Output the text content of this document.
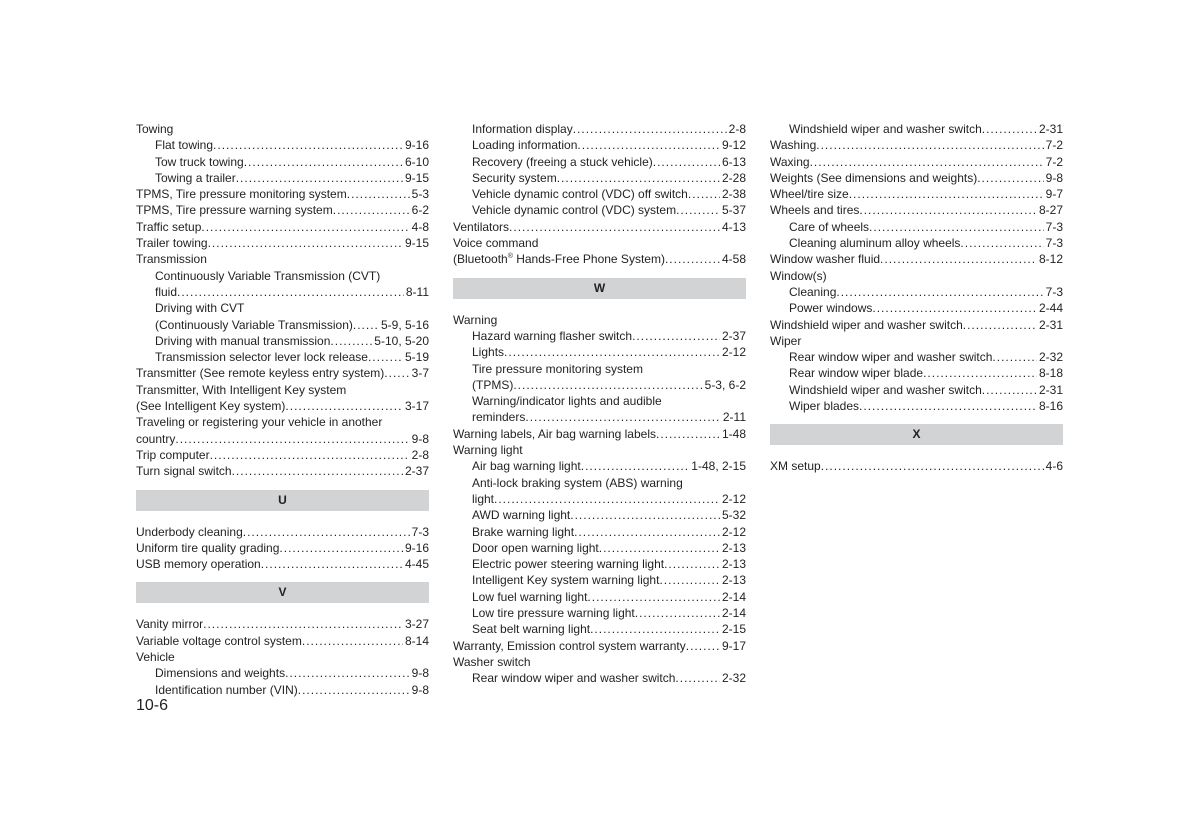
Towing
Flat towing .....	9-16
Tow truck towing .....	6-10
Towing a trailer .....	9-15
TPMS, Tire pressure monitoring system .....	5-3
TPMS, Tire pressure warning system .....	6-2
Traffic setup .....	4-8
Trailer towing .....	9-15
Transmission
Continuously Variable Transmission (CVT)
fluid .....	8-11
Driving with CVT
(Continuously Variable Transmission) ..... 5-9, 5-16
Driving with manual transmission .....	5-10, 5-20
Transmission selector lever lock release .....	5-19
Transmitter (See remote keyless entry system) ..... 3-7
Transmitter, With Intelligent Key system
(See Intelligent Key system) .....	3-17
Traveling or registering your vehicle in another
country .....	9-8
Trip computer .....	2-8
Turn signal switch .....	2-37
U
Underbody cleaning .....	7-3
Uniform tire quality grading .....	9-16
USB memory operation .....	4-45
V
Vanity mirror .....	3-27
Variable voltage control system .....	8-14
Vehicle
Dimensions and weights .....	9-8
Identification number (VIN) .....	9-8
Information display .....	2-8
Loading information .....	9-12
Recovery (freeing a stuck vehicle) .....	6-13
Security system .....	2-28
Vehicle dynamic control (VDC) off switch .....	2-38
Vehicle dynamic control (VDC) system .....	5-37
Ventilators .....	4-13
Voice command
(Bluetooth® Hands-Free Phone System) .....	4-58
W
Warning
Hazard warning flasher switch .....	2-37
Lights .....	2-12
Tire pressure monitoring system
(TPMS) .....	5-3, 6-2
Warning/indicator lights and audible
reminders .....	2-11
Warning labels, Air bag warning labels .....	1-48
Warning light
Air bag warning light .....	1-48, 2-15
Anti-lock braking system (ABS) warning
light .....	2-12
AWD warning light .....	5-32
Brake warning light .....	2-12
Door open warning light .....	2-13
Electric power steering warning light .....	2-13
Intelligent Key system warning light .....	2-13
Low fuel warning light .....	2-14
Low tire pressure warning light .....	2-14
Seat belt warning light .....	2-15
Warranty, Emission control system warranty .....	9-17
Washer switch
Rear window wiper and washer switch .....	2-32
Windshield wiper and washer switch .....	2-31
Washing .....	7-2
Waxing .....	7-2
Weights (See dimensions and weights) .....	9-8
Wheel/tire size .....	9-7
Wheels and tires .....	8-27
Care of wheels .....	7-3
Cleaning aluminum alloy wheels .....	7-3
Window washer fluid .....	8-12
Window(s)
Cleaning .....	7-3
Power windows .....	2-44
Windshield wiper and washer switch .....	2-31
Wiper
Rear window wiper and washer switch .....	2-32
Rear window wiper blade .....	8-18
Windshield wiper and washer switch .....	2-31
Wiper blades .....	8-16
X
XM setup .....	4-6
10-6
